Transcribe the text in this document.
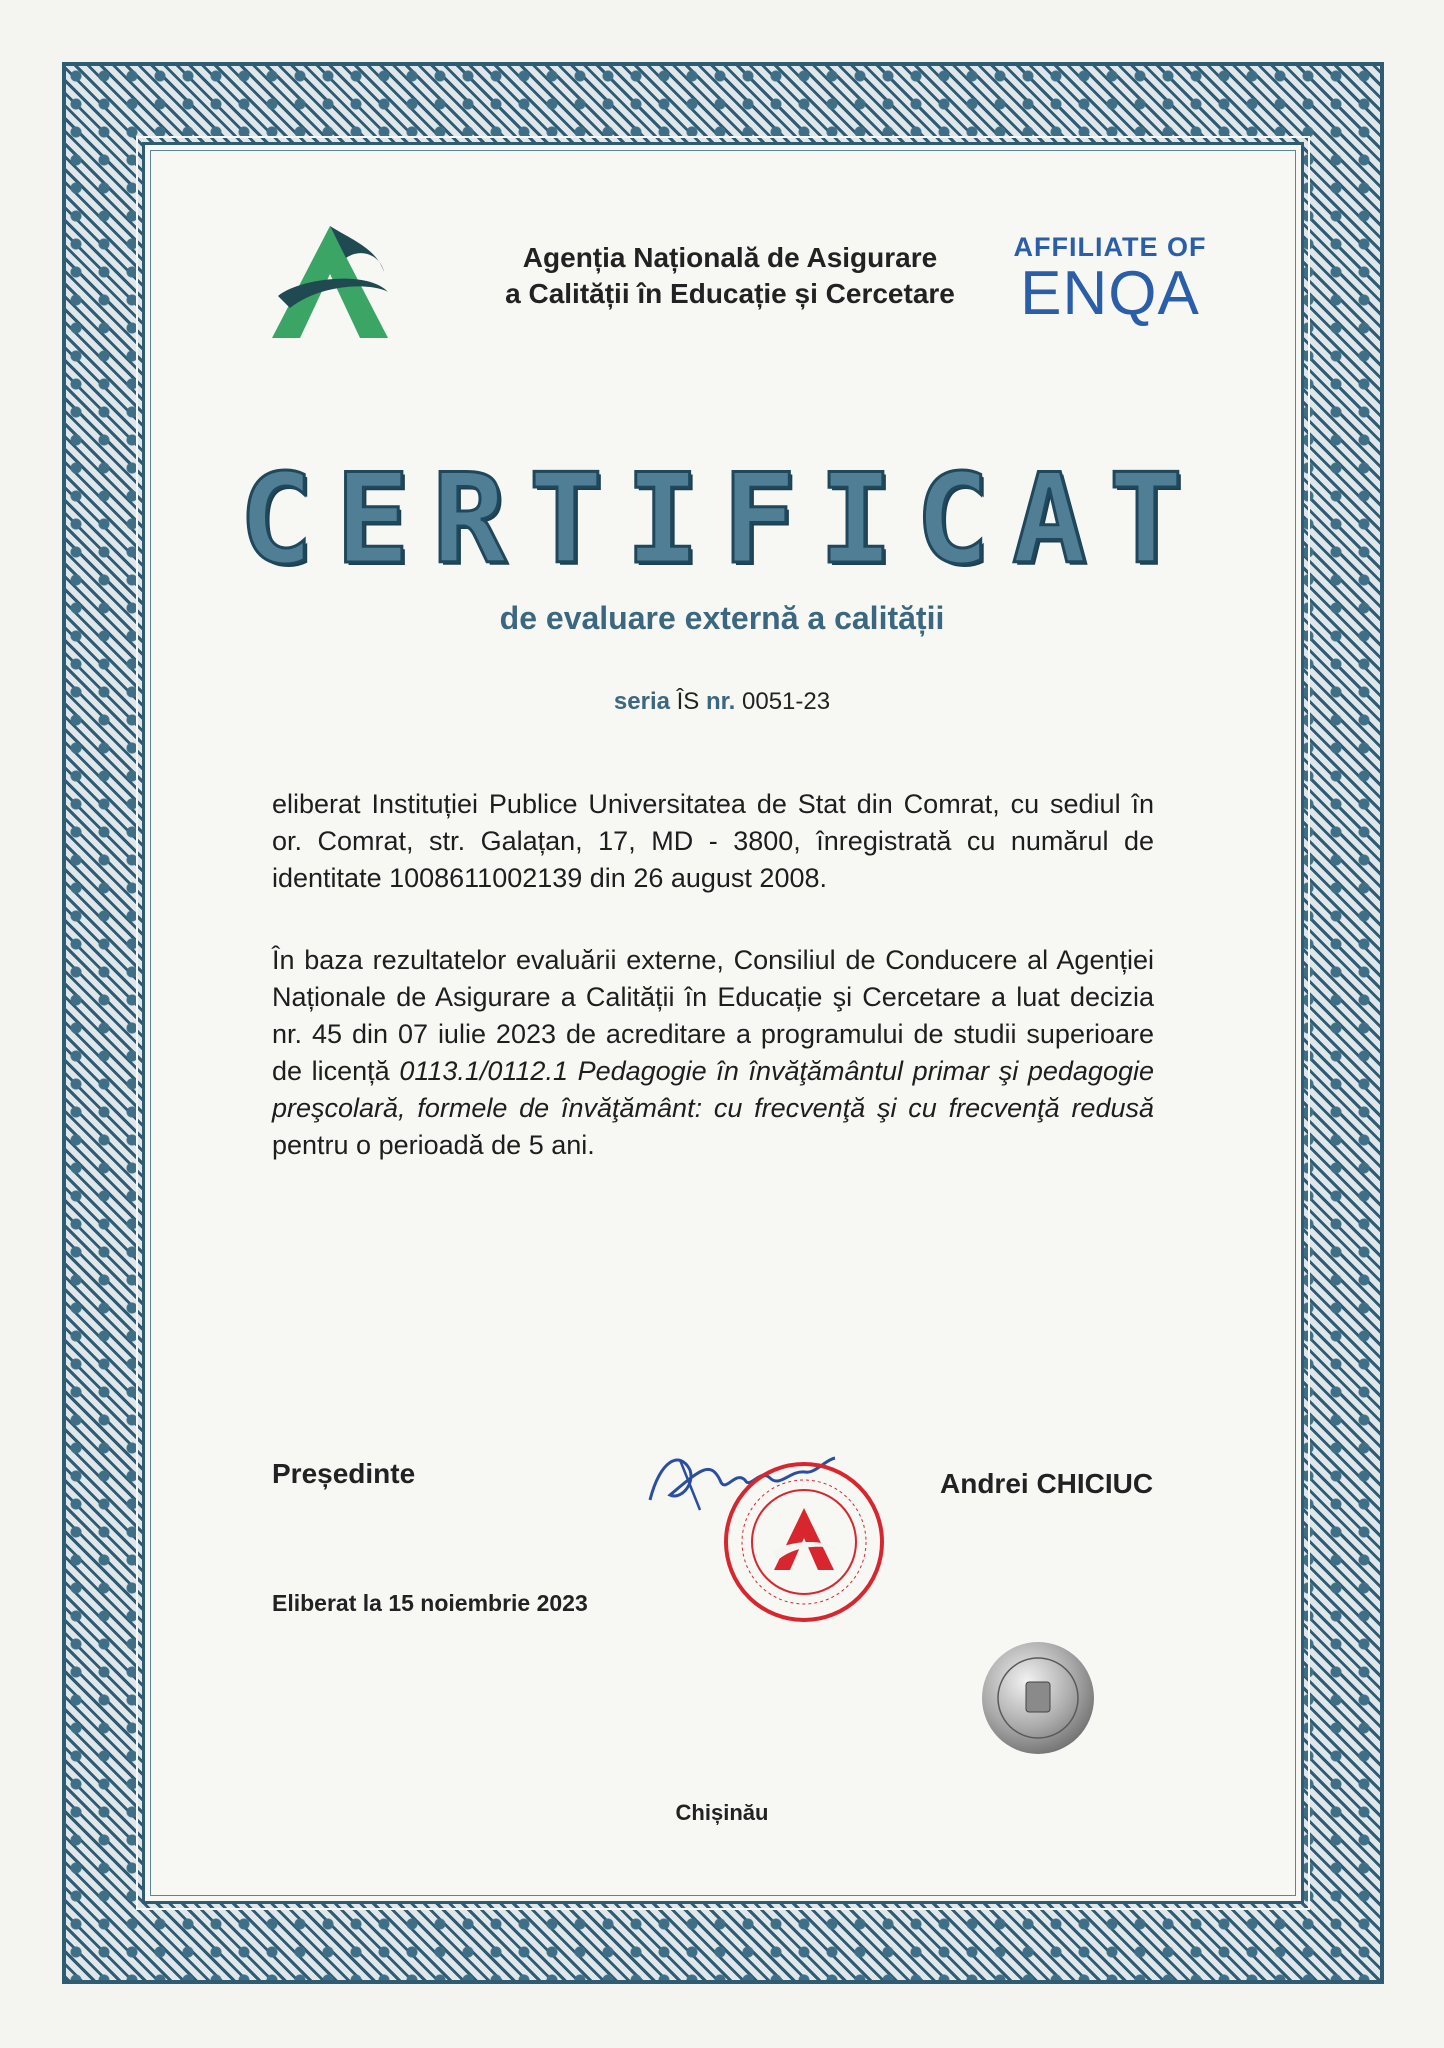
Agenția Națională de Asigurare
a Calității în Educație și Cercetare
AFFILIATE OF
ENQA
CERTIFICAT
de evaluare externă a calității
seria ÎS nr. 0051-23
eliberat Instituției Publice Universitatea de Stat din Comrat, cu sediul în or. Comrat, str. Galațan, 17, MD - 3800, înregistrată cu numărul de identitate 1008611002139 din 26 august 2008.
În baza rezultatelor evaluării externe, Consiliul de Conducere al Agenției Naționale de Asigurare a Calității în Educație şi Cercetare a luat decizia nr. 45 din 07 iulie 2023 de acreditare a programului de studii superioare de licență 0113.1/0112.1 Pedagogie în învăţământul primar şi pedagogie preşcolară, formele de învăţământ: cu frecvenţă şi cu frecvenţă redusă pentru o perioadă de 5 ani.
Președinte	Andrei CHICIUC
Eliberat la 15 noiembrie 2023
Chișinău
